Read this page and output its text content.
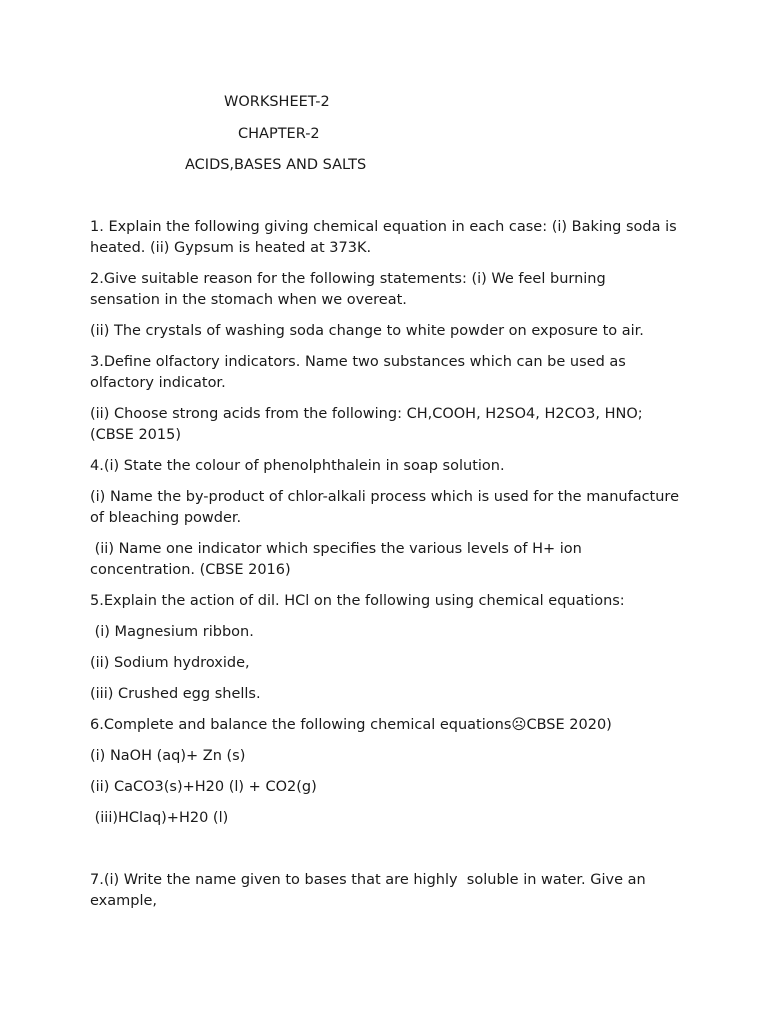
WORKSHEET-2
CHAPTER-2
ACIDS,BASES AND SALTS

1. Explain the following giving chemical equation in each case: (i) Baking soda is heated. (ii) Gypsum is heated at 373K.

2.Give suitable reason for the following statements: (i) We feel burning sensation in the stomach when we overeat.

(ii) The crystals of washing soda change to white powder on exposure to air.

3.Define olfactory indicators. Name two substances which can be used as olfactory indicator.

(ii) Choose strong acids from the following: CH,COOH, H2SO4, H2CO3, HNO; (CBSE 2015)

4.(i) State the colour of phenolphthalein in soap solution.

(i) Name the by-product of chlor-alkali process which is used for the manufacture of bleaching powder.

(ii) Name one indicator which specifies the various levels of H+ ion concentration. (CBSE 2016)

5.Explain the action of dil. HCl on the following using chemical equations:

(i) Magnesium ribbon.

(ii) Sodium hydroxide,

(iii) Crushed egg shells.

6.Complete and balance the following chemical equations☹CBSE 2020)

(i) NaOH (aq)+ Zn (s)

(ii) CaCO3(s)+H20 (l) + CO2(g)

(iii)HClaq)+H20 (l)

7.(i) Write the name given to bases that are highly  soluble in water. Give an example,
